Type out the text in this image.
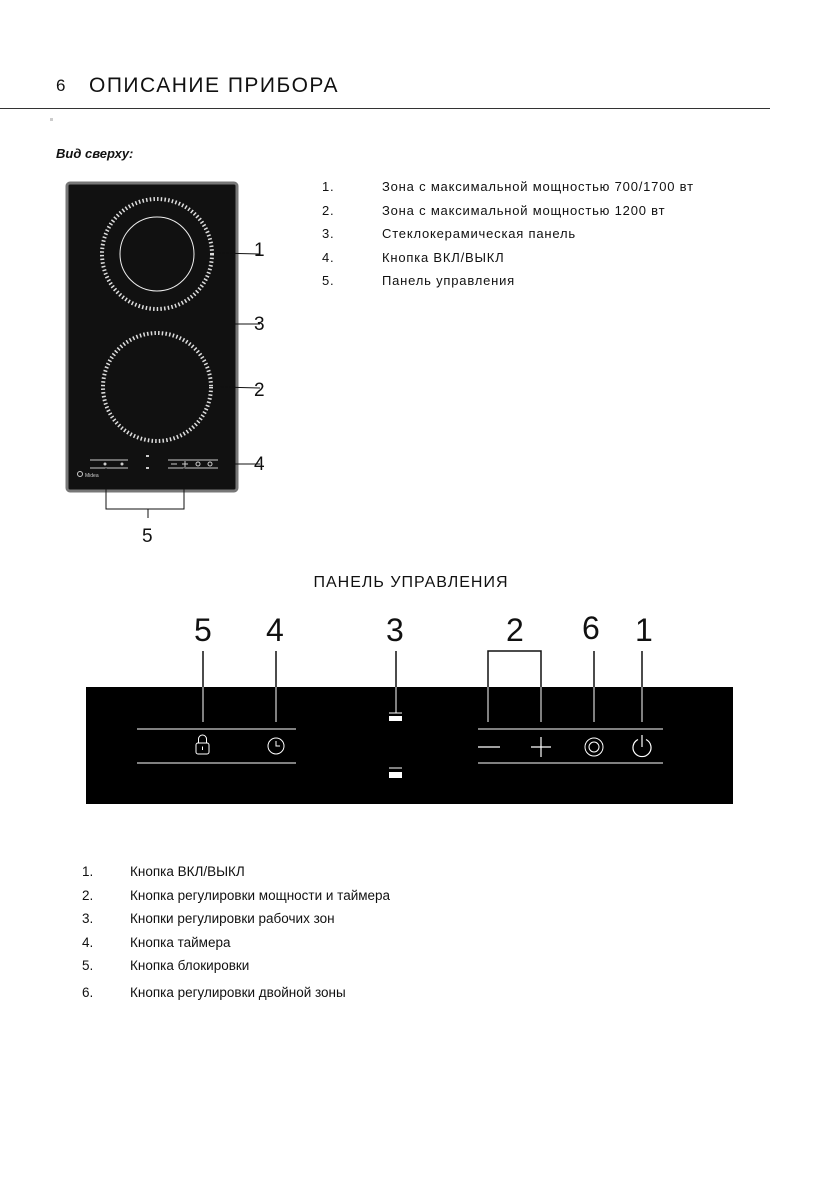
6 ОПИСАНИЕ ПРИБОРА
Вид сверху:
Midea
1
3
2
4
5
1.	Зона с максимальной мощностью 700/1700 вт
2.	Зона с максимальной мощностью 1200 вт
3.	Стеклокерамическая панель
4.	Кнопка ВКЛ/ВЫКЛ
5.	Панель управления
ПАНЕЛЬ УПРАВЛЕНИЯ
5 4	3	2 6 1
1.	Кнопка ВКЛ/ВЫКЛ
2.	Кнопка регулировки мощности и таймера
3.	Кнопки регулировки рабочих зон
4.	Кнопка таймера
5.	Кнопка блокировки
6.	Кнопка регулировки двойной зоны
